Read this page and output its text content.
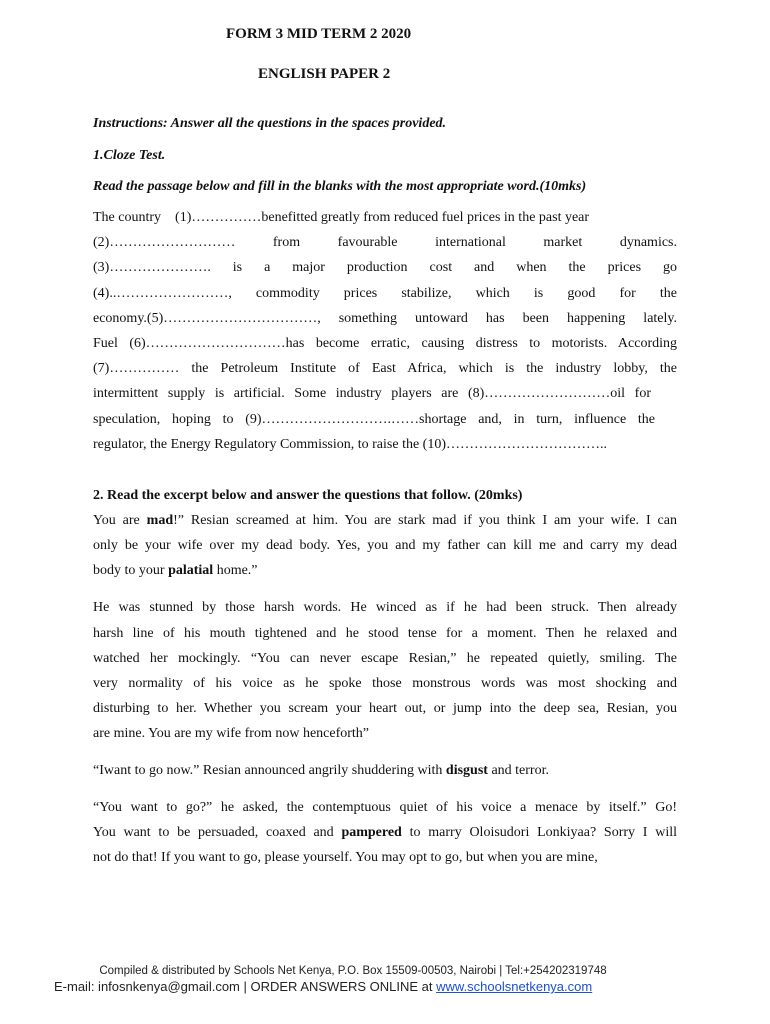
FORM 3 MID TERM 2 2020
ENGLISH PAPER 2
Instructions: Answer all the questions in the spaces provided.
1.Cloze Test.
Read the passage below and fill in the blanks with the most appropriate word.(10mks)
The country    (1)……………benefitted greatly from reduced fuel prices in the past year
(2)……………………… from favourable international market dynamics.
(3)…………………. is a major production cost and when the prices go
(4)..……………………, commodity prices stabilize, which is good for the
economy.(5)……………………………, something untoward has been happening lately.
Fuel (6)…………………………has become erratic, causing distress to motorists. According
(7)…………… the Petroleum Institute of East Africa, which is the industry lobby, the
intermittent supply is artificial. Some industry players are (8)………………………oil for
speculation, hoping to (9)……………………….……shortage and, in turn, influence the
regulator, the Energy Regulatory Commission, to raise the (10)……………………………..
2. Read the excerpt below and answer the questions that follow. (20mks)
You are mad!” Resian screamed at him. You are stark mad if you think I am your wife. I can
only be your wife over my dead body. Yes, you and my father can kill me and carry my dead
body to your palatial home.”
He was stunned by those harsh words. He winced as if he had been struck. Then already
harsh line of his mouth tightened and he stood tense for a moment. Then he relaxed and
watched her mockingly. “You can never escape Resian,” he repeated quietly, smiling. The
very normality of his voice as he spoke those monstrous words was most shocking and
disturbing to her. Whether you scream your heart out, or jump into the deep sea, Resian, you
are mine. You are my wife from now henceforth”
“Iwant to go now.” Resian announced angrily shuddering with disgust and terror.
“You want to go?” he asked, the contemptuous quiet of his voice a menace by itself.” Go!
You want to be persuaded, coaxed and pampered to marry Oloisudori Lonkiyaa? Sorry I will
not do that! If you want to go, please yourself. You may opt to go, but when you are mine,
Compiled & distributed by Schools Net Kenya, P.O. Box 15509-00503, Nairobi | Tel:+254202319748
E-mail: infosnkenya@gmail.com | ORDER ANSWERS ONLINE at www.schoolsnetkenya.com
